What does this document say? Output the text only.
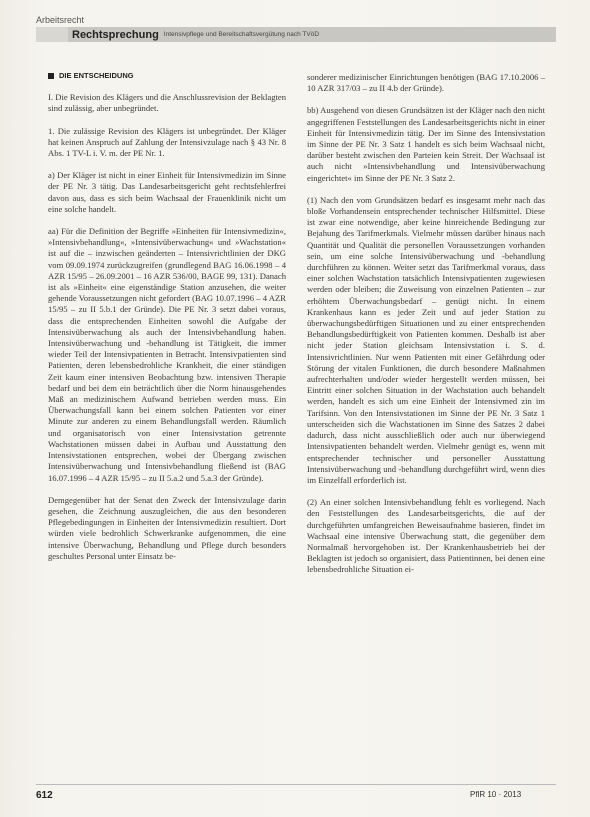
Arbeitsrecht
Rechtsprechung Intensivpflege und Bereitschaftsvergütung nach TVöD
DIE ENTSCHEIDUNG

I. Die Revision des Klägers und die Anschlussrevision der Beklagten sind zulässig, aber unbegründet.

1. Die zulässige Revision des Klägers ist unbegründet. Der Kläger hat keinen Anspruch auf Zahlung der Intensivzulage nach § 43 Nr. 8 Abs. 1 TV-L i. V. m. der PE Nr. 1.

a) Der Kläger ist nicht in einer Einheit für Intensivmedizin im Sinne der PE Nr. 3 tätig. Das Landesarbeitsgericht geht rechtsfehlerfrei davon aus, dass es sich beim Wachsaal der Frauenklinik nicht um eine solche handelt.

aa) Für die Definition der Begriffe »Einheiten für Intensivmedizin«, »Intensivbehandlung«, »Intensivüberwachung« und »Wachstation« ist auf die – inzwischen geänderten – Intensivrichtlinien der DKG vom 09.09.1974 zurückzugreifen (grundlegend BAG 16.06.1998 – 4 AZR 15/95 – 26.09.2001 – 16 AZR 536/00, BAGE 99, 131). Danach ist als »Einheit« eine eigenständige Station anzusehen, die weiter gehende Voraussetzungen nicht gefordert (BAG 10.07.1996 – 4 AZR 15/95 – zu II 5.b.1 der Gründe). Die PE Nr. 3 setzt dabei voraus, dass die entsprechenden Einheiten sowohl die Aufgabe der Intensivüberwachung als auch der Intensivbehandlung haben. Intensivüberwachung und -behandlung ist Tätigkeit, die immer wieder Teil der Intensivpatienten in Betracht. Intensivpatienten sind Patienten, deren lebensbedrohliche Krankheit, die einer ständigen Zeit kaum einer intensiven Beobachtung bzw. intensiven Therapie bedarf und bei dem ein beträchtlich über die Norm hinausgehendes Maß an medizinischem Aufwand betrieben werden muss. Ein Überwachungsfall kann bei einem solchen Patienten vor einer Minute zur anderen zu einem Behandlungsfall werden. Räumlich und organisatorisch von einer Intensivstation getrennte Wachstationen müssen dabei in Aufbau und Ausstattung den Intensivstationen entsprechen, wobei der Übergang zwischen Intensivüberwachung und Intensivbehandlung fließend ist (BAG 16.07.1996 – 4 AZR 15/95 – zu II 5.a.2 und 5.a.3 der Gründe).

Demgegenüber hat der Senat den Zweck der Intensivzulage darin gesehen, die Zeichnung auszugleichen, die aus den besonderen Pflegebedingungen in Einheiten der Intensivmedizin resultiert. Dort würden viele bedrohlich Schwerkranke aufgenommen, die eine intensive Überwachung, Behandlung und Pflege durch besonders geschultes Personal unter Einsatz be-

sonderer medizinischer Einrichtungen benötigen (BAG 17.10.2006 – 10 AZR 317/03 – zu II 4.b der Gründe).

bb) Ausgehend von diesen Grundsätzen ist der Kläger nach den nicht angegriffenen Feststellungen des Landesarbeitsgerichts nicht in einer Einheit für Intensivmedizin tätig. Der im Sinne des Intensivstation im Sinne der PE Nr. 3 Satz 1 handelt es sich beim Wachsaal nicht, darüber besteht zwischen den Parteien kein Streit. Der Wachsaal ist auch nicht »Intensivbehandlung und Intensivüberwachung eingerichtet« im Sinne der PE Nr. 3 Satz 2.

(1) Nach den vom Grundsätzen bedarf es insgesamt mehr nach das bloße Vorhandensein entsprechender technischer Hilfsmittel. Diese ist zwar eine notwendige, aber keine hinreichende Bedingung zur Bejahung des Tarifmerkmals. Vielmehr müssen darüber hinaus nach Quantität und Qualität die personellen Voraussetzungen vorhanden sein, um eine solche Intensivüberwachung und -behandlung durchführen zu können. Weiter setzt das Tarifmerkmal voraus, dass einer solchen Wachstation tatsächlich Intensivpatienten zugewiesen werden oder bleiben; die Zuweisung von einzelnen Patienten – zur erhöhtem Überwachungsbedarf – genügt nicht. In einem Krankenhaus kann es jeder Zeit und auf jeder Station zu überwachungsbedürftigen Situationen und zu einer entsprechenden Behandlungsbedürftigkeit von Patienten kommen. Deshalb ist aber nicht jeder Station gleichsam Intensivstation i. S. d. Intensivrichtlinien. Nur wenn Patienten mit einer Gefährdung oder Störung der vitalen Funktionen, die durch besondere Maßnahmen aufrechterhalten und/oder wieder hergestellt werden müssen, bei Eintritt einer solchen Situation in der Wachstation auch behandelt werden, handelt es sich um eine Einheit der Intensivmed zin im Tarifsinn. Von den Intensivstationen im Sinne der PE Nr. 3 Satz 1 unterscheiden sich die Wachstationen im Sinne des Satzes 2 dabei dadurch, dass nicht ausschließlich oder auch nur überwiegend Intensivpatienten behandelt werden. Vielmehr genügt es, wenn mit entsprechender technischer und personeller Ausstattung Intensivüberwachung und -behandlung durchgeführt wird, wenn dies im Einzelfall erforderlich ist.

(2) An einer solchen Intensivbehandlung fehlt es vorliegend. Nach den Feststellungen des Landesarbeitsgerichts, die auf der durchgeführten umfangreichen Beweisaufnahme basieren, findet im Wachsaal eine intensive Überwachung statt, die gegenüber dem Normalmaß hervorgehoben ist. Der Krankenhausbetrieb bei der Beklagten ist jedoch so organisiert, dass Patientinnen, bei denen eine lebensbedrohliche Situation ei-

612	PflR 10 · 2013
